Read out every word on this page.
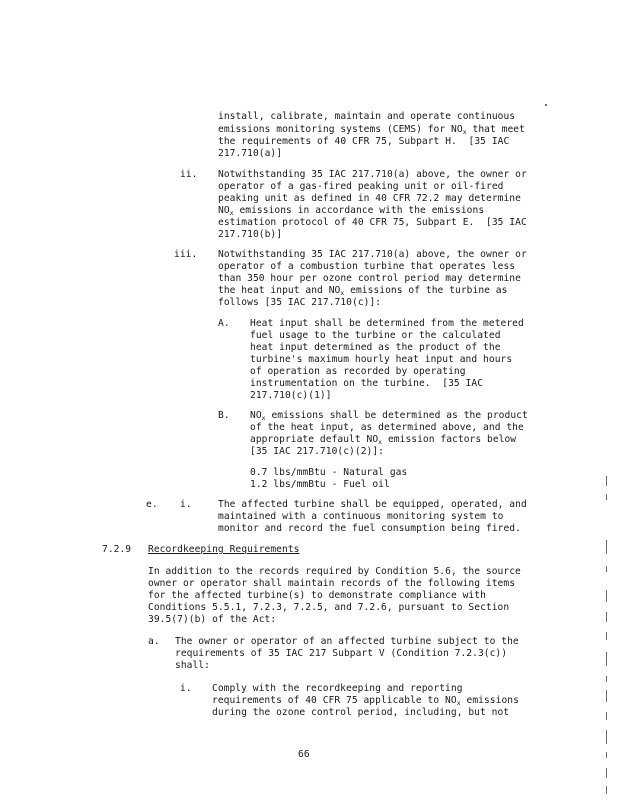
install, calibrate, maintain and operate continuous
emissions monitoring systems (CEMS) for $NO_x$ that meet
the requirements of 40 CFR 75, Subpart H.  [35 IAC
217.710(a)]
ii. Notwithstanding 35 IAC 217.710(a) above, the owner or
operator of a gas-fired peaking unit or oil-fired
peaking unit as defined in 40 CFR 72.2 may determine
$NO_x$ emissions in accordance with the emissions
estimation protocol of 40 CFR 75, Subpart E.  [35 IAC
217.710(b)]
iii. Notwithstanding 35 IAC 217.710(a) above, the owner or
operator of a combustion turbine that operates less
than 350 hour per ozone control period may determine
the heat input and $NO_x$ emissions of the turbine as
follows [35 IAC 217.710(c)]:
A. Heat input shall be determined from the metered
fuel usage to the turbine or the calculated
heat input determined as the product of the
turbine's maximum hourly heat input and hours
of operation as recorded by operating
instrumentation on the turbine.  [35 IAC
217.710(c)(1)]
B. $NO_x$ emissions shall be determined as the product
of the heat input, as determined above, and the
appropriate default $NO_x$ emission factors below
[35 IAC 217.710(c)(2)]:
0.7 lbs/mmBtu - Natural gas
1.2 lbs/mmBtu - Fuel oil
e. i.	The affected turbine shall be equipped, operated, and
maintained with a continuous monitoring system to
monitor and record the fuel consumption being fired.
7.2.9 Recordkeeping Requirements
In addition to the records required by Condition 5.6, the source
owner or operator shall maintain records of the following items
for the affected turbine(s) to demonstrate compliance with
Conditions 5.5.1, 7.2.3, 7.2.5, and 7.2.6, pursuant to Section
39.5(7)(b) of the Act:
a. The owner or operator of an affected turbine subject to the
requirements of 35 IAC 217 Subpart V (Condition 7.2.3(c))
shall:
i. Comply with the recordkeeping and reporting
requirements of 40 CFR 75 applicable to $NO_x$ emissions
during the ozone control period, including, but not
66
